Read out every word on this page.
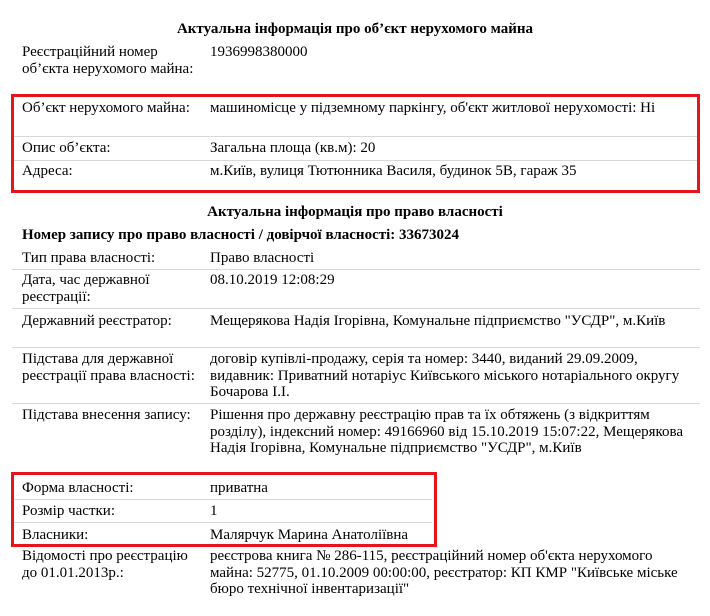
Актуальна інформація про об’єкт нерухомого майна
Реєстраційний номер об’єкта нерухомого майна:
1936998380000
Об’єкт нерухомого майна:	машиномісце у підземному паркінгу, об'єкт житлової нерухомості: Ні
Опис об’єкта:	Загальна площа (кв.м): 20
Адреса:	м.Київ, вулиця Тютюнника Василя, будинок 5В, гараж 35
Актуальна інформація про право власності
Номер запису про право власності / довірчої власності: 33673024
Тип права власності:	Право власності
Дата, час державної реєстрації:
08.10.2019 12:08:29
Державний реєстратор:	Мещерякова Надія Ігорівна, Комунальне підприємство "УСДР", м.Київ
Підстава для державної реєстрації права власності:
договір купівлі-продажу, серія та номер: 3440, виданий 29.09.2009, видавник: Приватний нотаріус Київського міського нотаріального округу Бочарова І.І.
Підстава внесення запису:	Рішення про державну реєстрацію прав та їх обтяжень (з відкриттям розділу), індексний номер: 49166960 від 15.10.2019 15:07:22, Мещерякова Надія Ігорівна, Комунальне підприємство "УСДР", м.Київ
Форма власності:	приватна
Розмір частки:	1
Власники:	Малярчук Марина Анатоліївна
Відомості про реєстрацію до 01.01.2013р.:
реєстрова книга № 286-115, реєстраційний номер об'єкта нерухомого майна: 52775, 01.10.2009 00:00:00, реєстратор: КП КМР "Київське міське бюро технічної інвентаризації"
